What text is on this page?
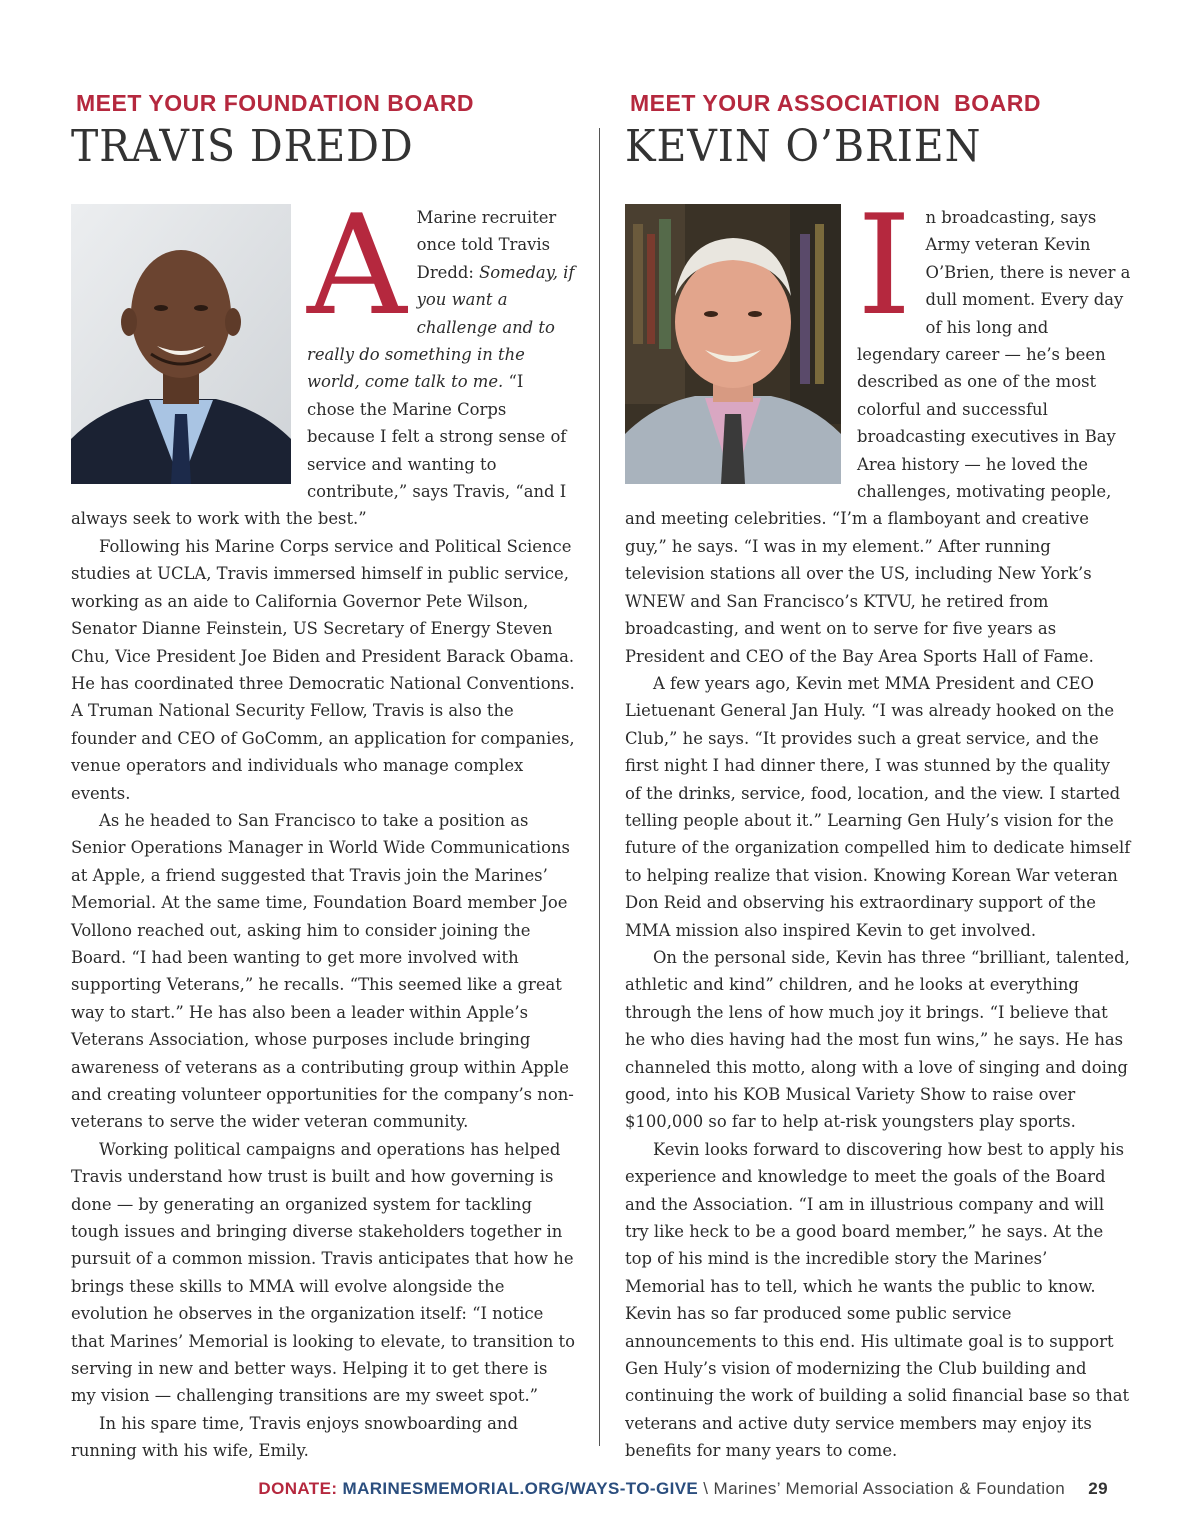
MEET YOUR FOUNDATION BOARD
TRAVIS DREDD

A Marine recruiter once told Travis Dredd: Someday, if you want a challenge and to really do something in the world, come talk to me. “I chose the Marine Corps because I felt a strong sense of service and wanting to contribute,” says Travis, “and I always seek to work with the best.”

Following his Marine Corps service and Political Science studies at UCLA, Travis immersed himself in public service, working as an aide to California Governor Pete Wilson, Senator Dianne Feinstein, US Secretary of Energy Steven Chu, Vice President Joe Biden and President Barack Obama. He has coordinated three Democratic National Conventions. A Truman National Security Fellow, Travis is also the founder and CEO of GoComm, an application for companies, venue operators and individuals who manage complex events.

As he headed to San Francisco to take a position as Senior Operations Manager in World Wide Communications at Apple, a friend suggested that Travis join the Marines’ Memorial. At the same time, Foundation Board member Joe Vollono reached out, asking him to consider joining the Board. “I had been wanting to get more involved with supporting Veterans,” he recalls. “This seemed like a great way to start.” He has also been a leader within Apple’s Veterans Association, whose purposes include bringing awareness of veterans as a contributing group within Apple and creating volunteer opportunities for the company’s non-veterans to serve the wider veteran community.

Working political campaigns and operations has helped Travis understand how trust is built and how governing is done — by generating an organized system for tackling tough issues and bringing diverse stakeholders together in pursuit of a common mission. Travis anticipates that how he brings these skills to MMA will evolve alongside the evolution he observes in the organization itself: “I notice that Marines’ Memorial is looking to elevate, to transition to serving in new and better ways. Helping it to get there is my vision — challenging transitions are my sweet spot.”

In his spare time, Travis enjoys snowboarding and running with his wife, Emily.

MEET YOUR ASSOCIATION  BOARD
KEVIN O’BRIEN

In broadcasting, says Army veteran Kevin O’Brien, there is never a dull moment. Every day of his long and legendary career — he’s been described as one of the most colorful and successful broadcasting executives in Bay Area history — he loved the challenges, motivating people, and meeting celebrities. “I’m a flamboyant and creative guy,” he says. “I was in my element.” After running television stations all over the US, including New York’s WNEW and San Francisco’s KTVU, he retired from broadcasting, and went on to serve for five years as President and CEO of the Bay Area Sports Hall of Fame.

A few years ago, Kevin met MMA President and CEO Lietuenant General Jan Huly. “I was already hooked on the Club,” he says. “It provides such a great service, and the first night I had dinner there, I was stunned by the quality of the drinks, service, food, location, and the view. I started telling people about it.” Learning Gen Huly’s vision for the future of the organization compelled him to dedicate himself to helping realize that vision. Knowing Korean War veteran Don Reid and observing his extraordinary support of the MMA mission also inspired Kevin to get involved.

On the personal side, Kevin has three “brilliant, talented, athletic and kind” children, and he looks at everything through the lens of how much joy it brings. “I believe that he who dies having had the most fun wins,” he says. He has channeled this motto, along with a love of singing and doing good, into his KOB Musical Variety Show to raise over $100,000 so far to help at-risk youngsters play sports.

Kevin looks forward to discovering how best to apply his experience and knowledge to meet the goals of the Board and the Association. “I am in illustrious company and will try like heck to be a good board member,” he says. At the top of his mind is the incredible story the Marines’ Memorial has to tell, which he wants the public to know. Kevin has so far produced some public service announcements to this end. His ultimate goal is to support Gen Huly’s vision of modernizing the Club building and continuing the work of building a solid financial base so that veterans and active duty service members may enjoy its benefits for many years to come.

DONATE: MARINESMEMORIAL.ORG/WAYS-TO-GIVE \ Marines’ Memorial Association & Foundation 29
